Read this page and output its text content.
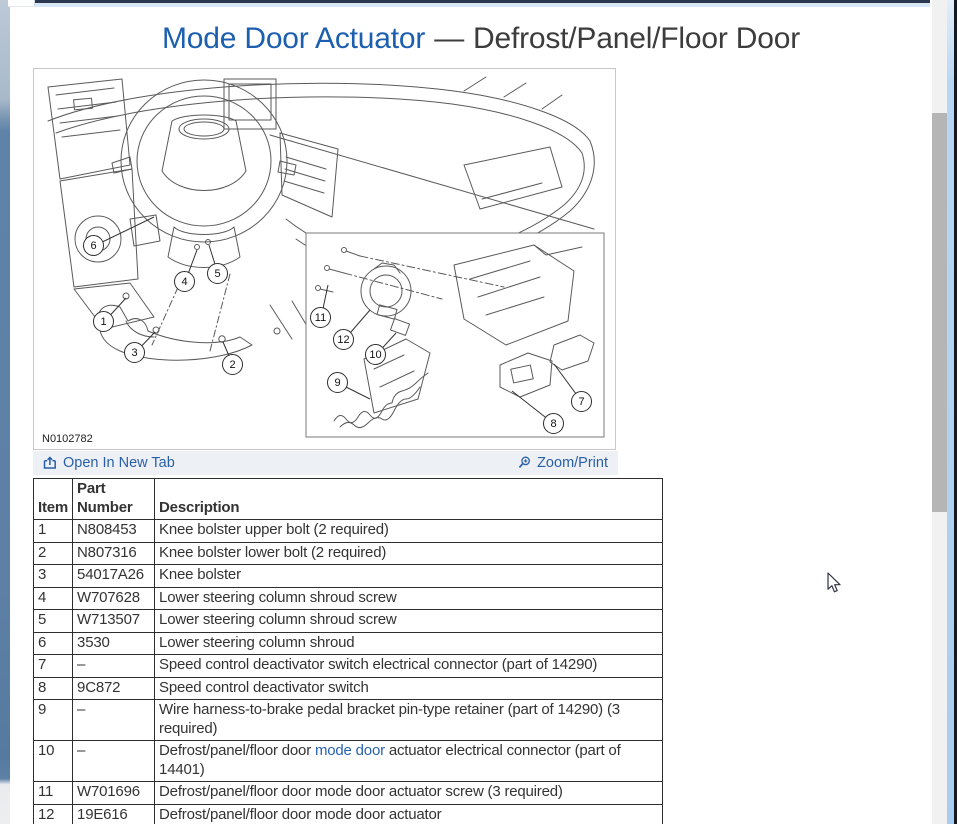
Mode Door Actuator — Defrost/Panel/Floor Door
1
2
3
4
5
6
7
8
9
10
11
12
N0102782
Open In New Tab	Zoom/Print
Item	Part Number	Description
1	N808453	Knee bolster upper bolt (2 required)
2	N807316	Knee bolster lower bolt (2 required)
3	54017A26	Knee bolster
4	W707628	Lower steering column shroud screw
5	W713507	Lower steering column shroud screw
6	3530	Lower steering column shroud
7	–	Speed control deactivator switch electrical connector (part of 14290)
8	9C872	Speed control deactivator switch
9	–	Wire harness-to-brake pedal bracket pin-type retainer (part of 14290) (3 required)
10	–	Defrost/panel/floor door mode door actuator electrical connector (part of 14401)
11	W701696	Defrost/panel/floor door mode door actuator screw (3 required)
12	19E616	Defrost/panel/floor door mode door actuator
